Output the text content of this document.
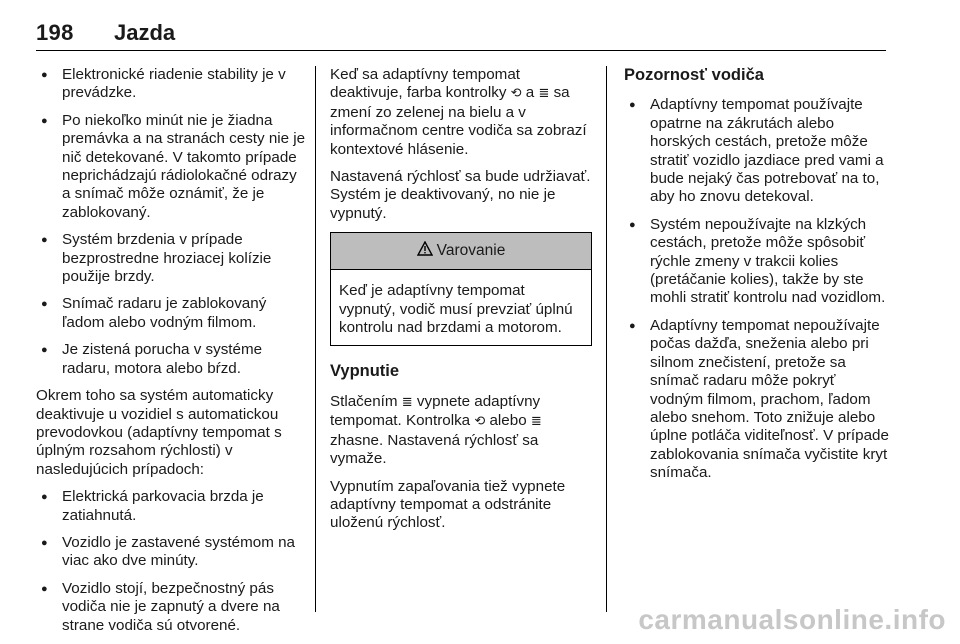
198 Jazda
● Elektronické riadenie stability je v prevádzke.
● Po niekoľko minút nie je žiadna premávka a na stranách cesty nie je nič detekované. V takomto prípade neprichádzajú rádiolokačné odrazy a snímač môže oznámiť, že je zablokovaný.
● Systém brzdenia v prípade bezprostredne hroziacej kolízie použije brzdy.
● Snímač radaru je zablokovaný ľadom alebo vodným filmom.
● Je zistená porucha v systéme radaru, motora alebo bŕzd.

Okrem toho sa systém automaticky deaktivuje u vozidiel s automatickou prevodovkou (adaptívny tempomat s úplným rozsahom rýchlosti) v nasledujúcich prípadoch:

● Elektrická parkovacia brzda je zatiahnutá.
● Vozidlo je zastavené systémom na viac ako dve minúty.
● Vozidlo stojí, bezpečnostný pás vodiča nie je zapnutý a dvere na strane vodiča sú otvorené.

Keď sa adaptívny tempomat deaktivuje, farba kontrolky ⟲ a ≣ sa zmení zo zelenej na bielu a v informačnom centre vodiča sa zobrazí kontextové hlásenie.

Nastavená rýchlosť sa bude udržiavať. Systém je deaktivovaný, no nie je vypnutý.

Varovanie
Keď je adaptívny tempomat vypnutý, vodič musí prevziať úplnú kontrolu nad brzdami a motorom.
Vypnutie

Stlačením ≣ vypnete adaptívny tempomat. Kontrolka ⟲ alebo ≣ zhasne. Nastavená rýchlosť sa vymaže.

Vypnutím zapaľovania tiež vypnete adaptívny tempomat a odstránite uloženú rýchlosť.

Pozornosť vodiča
● Adaptívny tempomat používajte opatrne na zákrutách alebo horských cestách, pretože môže stratiť vozidlo jazdiace pred vami a bude nejaký čas potrebovať na to, aby ho znovu detekoval.
● Systém nepoužívajte na klzkých cestách, pretože môže spôsobiť rýchle zmeny v trakcii kolies (pretáčanie kolies), takže by ste mohli stratiť kontrolu nad vozidlom.
● Adaptívny tempomat nepoužívajte počas dažďa, sneženia alebo pri silnom znečistení, pretože sa snímač radaru môže pokryť vodným filmom, prachom, ľadom alebo snehom. Toto znižuje alebo úplne potláča viditeľnosť. V prípade zablokovania snímača vyčistite kryt snímača.
carmanualsonline.info
